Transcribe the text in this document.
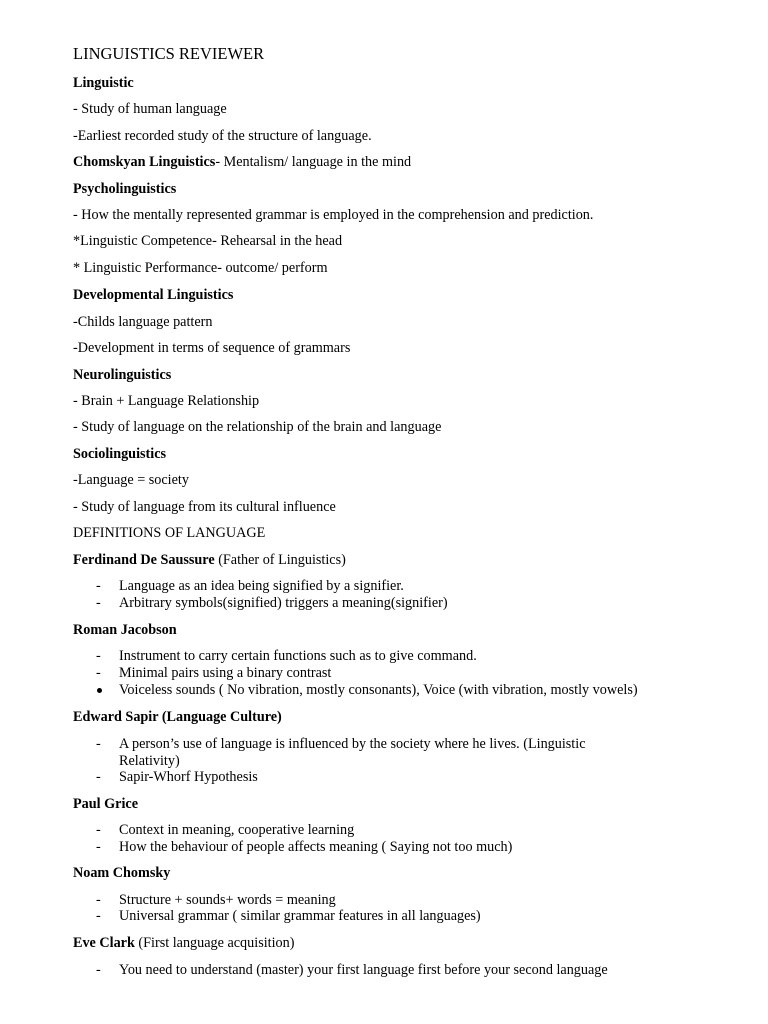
LINGUISTICS REVIEWER
Linguistic
- Study of human language
-Earliest recorded study of the structure of language.
Chomskyan Linguistics- Mentalism/ language in the mind
Psycholinguistics
- How the mentally represented grammar is employed in the comprehension and prediction.
*Linguistic Competence- Rehearsal in the head
* Linguistic Performance- outcome/ perform
Developmental Linguistics
-Childs language pattern
-Development in terms of sequence of grammars
Neurolinguistics
- Brain + Language Relationship
- Study of language on the relationship of the brain and language
Sociolinguistics
-Language = society
- Study of language from its cultural influence
DEFINITIONS OF LANGUAGE
Ferdinand De Saussure (Father of Linguistics)
- Language as an idea being signified by a signifier.
- Arbitrary symbols(signified) triggers a meaning(signifier)
Roman Jacobson
- Instrument to carry certain functions such as to give command.
- Minimal pairs using a binary contrast
Voiceless sounds ( No vibration, mostly consonants), Voice (with vibration, mostly vowels)
Edward Sapir (Language Culture)
- A person’s use of language is influenced by the society where he lives. (Linguistic
Relativity)
- Sapir-Whorf Hypothesis
Paul Grice
- Context in meaning, cooperative learning
- How the behaviour of people affects meaning ( Saying not too much)
Noam Chomsky
- Structure + sounds+ words = meaning
- Universal grammar ( similar grammar features in all languages)
Eve Clark (First language acquisition)
- You need to understand (master) your first language first before your second language
